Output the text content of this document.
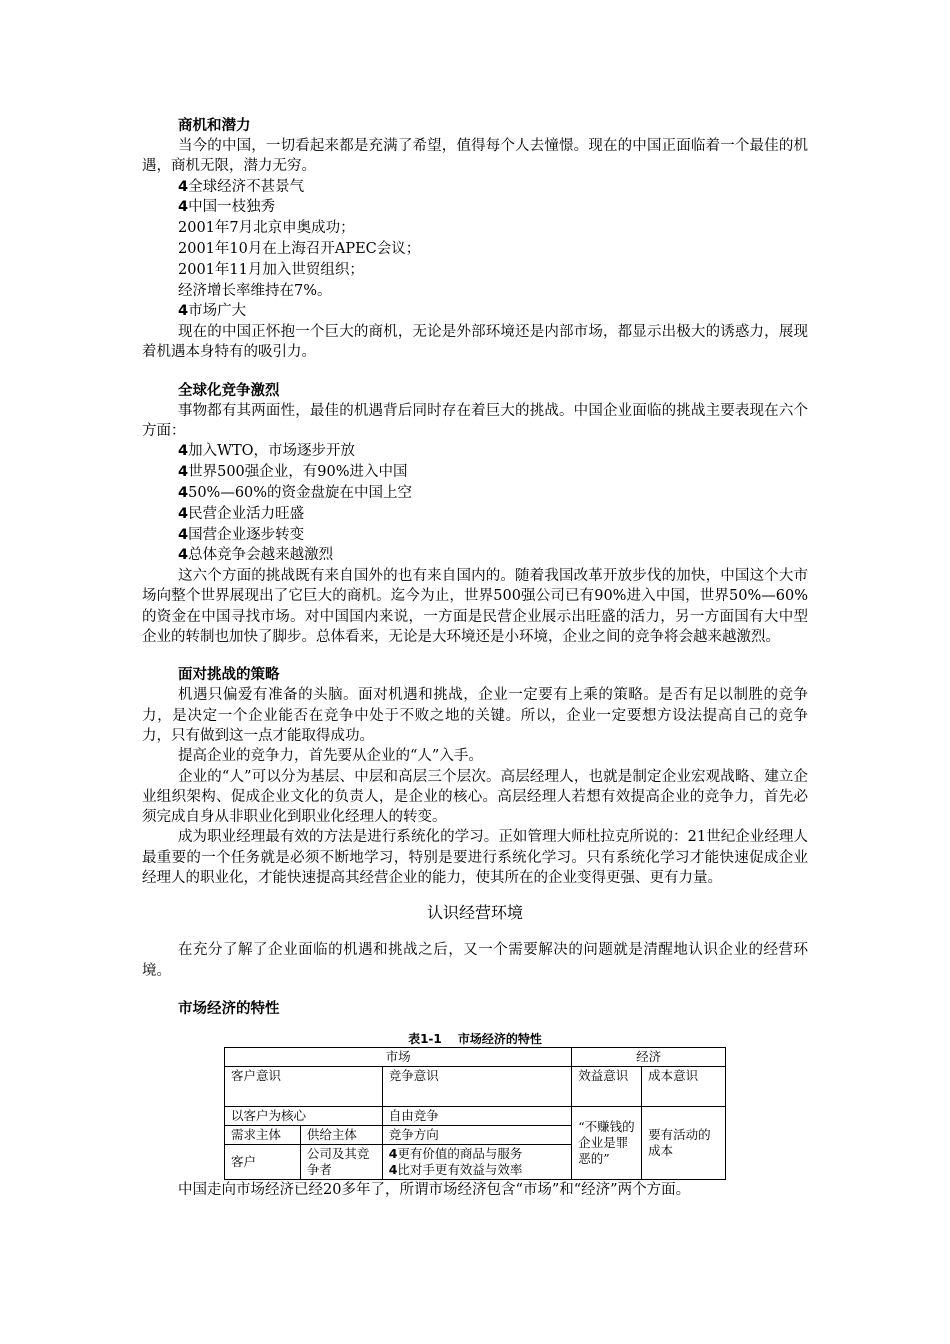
商机和潜力
当今的中国，一切看起来都是充满了希望，值得每个人去憧憬。现在的中国正面临着一个最佳的机遇，商机无限，潜力无穷。
4全球经济不甚景气
4中国一枝独秀
2001年7月北京申奥成功；
2001年10月在上海召开APEC会议；
2001年11月加入世贸组织；
经济增长率维持在7%。
4市场广大
现在的中国正怀抱一个巨大的商机，无论是外部环境还是内部市场，都显示出极大的诱惑力，展现着机遇本身特有的吸引力。
全球化竞争激烈
事物都有其两面性，最佳的机遇背后同时存在着巨大的挑战。中国企业面临的挑战主要表现在六个方面：
4加入WTO，市场逐步开放
4世界500强企业，有90%进入中国
450%—60%的资金盘旋在中国上空
4民营企业活力旺盛
4国营企业逐步转变
4总体竞争会越来越激烈
这六个方面的挑战既有来自国外的也有来自国内的。随着我国改革开放步伐的加快，中国这个大市场向整个世界展现出了它巨大的商机。迄今为止，世界500强公司已有90%进入中国，世界50%—60%的资金在中国寻找市场。对中国国内来说，一方面是民营企业展示出旺盛的活力，另一方面国有大中型企业的转制也加快了脚步。总体看来，无论是大环境还是小环境，企业之间的竞争将会越来越激烈。
面对挑战的策略
机遇只偏爱有准备的头脑。面对机遇和挑战，企业一定要有上乘的策略。是否有足以制胜的竞争力，是决定一个企业能否在竞争中处于不败之地的关键。所以，企业一定要想方设法提高自己的竞争力，只有做到这一点才能取得成功。
提高企业的竞争力，首先要从企业的“人”入手。
企业的“人”可以分为基层、中层和高层三个层次。高层经理人，也就是制定企业宏观战略、建立企业组织架构、促成企业文化的负责人，是企业的核心。高层经理人若想有效提高企业的竞争力，首先必须完成自身从非职业化到职业化经理人的转变。
成为职业经理最有效的方法是进行系统化的学习。正如管理大师杜拉克所说的：21世纪企业经理人最重要的一个任务就是必须不断地学习，特别是要进行系统化学习。只有系统化学习才能快速促成企业经理人的职业化，才能快速提高其经营企业的能力，使其所在的企业变得更强、更有力量。
认识经营环境
在充分了解了企业面临的机遇和挑战之后，又一个需要解决的问题就是清醒地认识企业的经营环境。
市场经济的特性
表1-1　 市场经济的特性
市场			经济	
客户意识		竞争意识	效益意识	成本意识
以客户为核心		自由竞争	“不赚钱的企业是罪恶的”	要有活动的成本
需求主体	供给主体	竞争方向		
客户	公司及其竞争者	4更有价值的商品与服务
4比对手更有效益与效率		
中国走向市场经济已经20多年了，所谓市场经济包含“市场”和“经济”两个方面。
